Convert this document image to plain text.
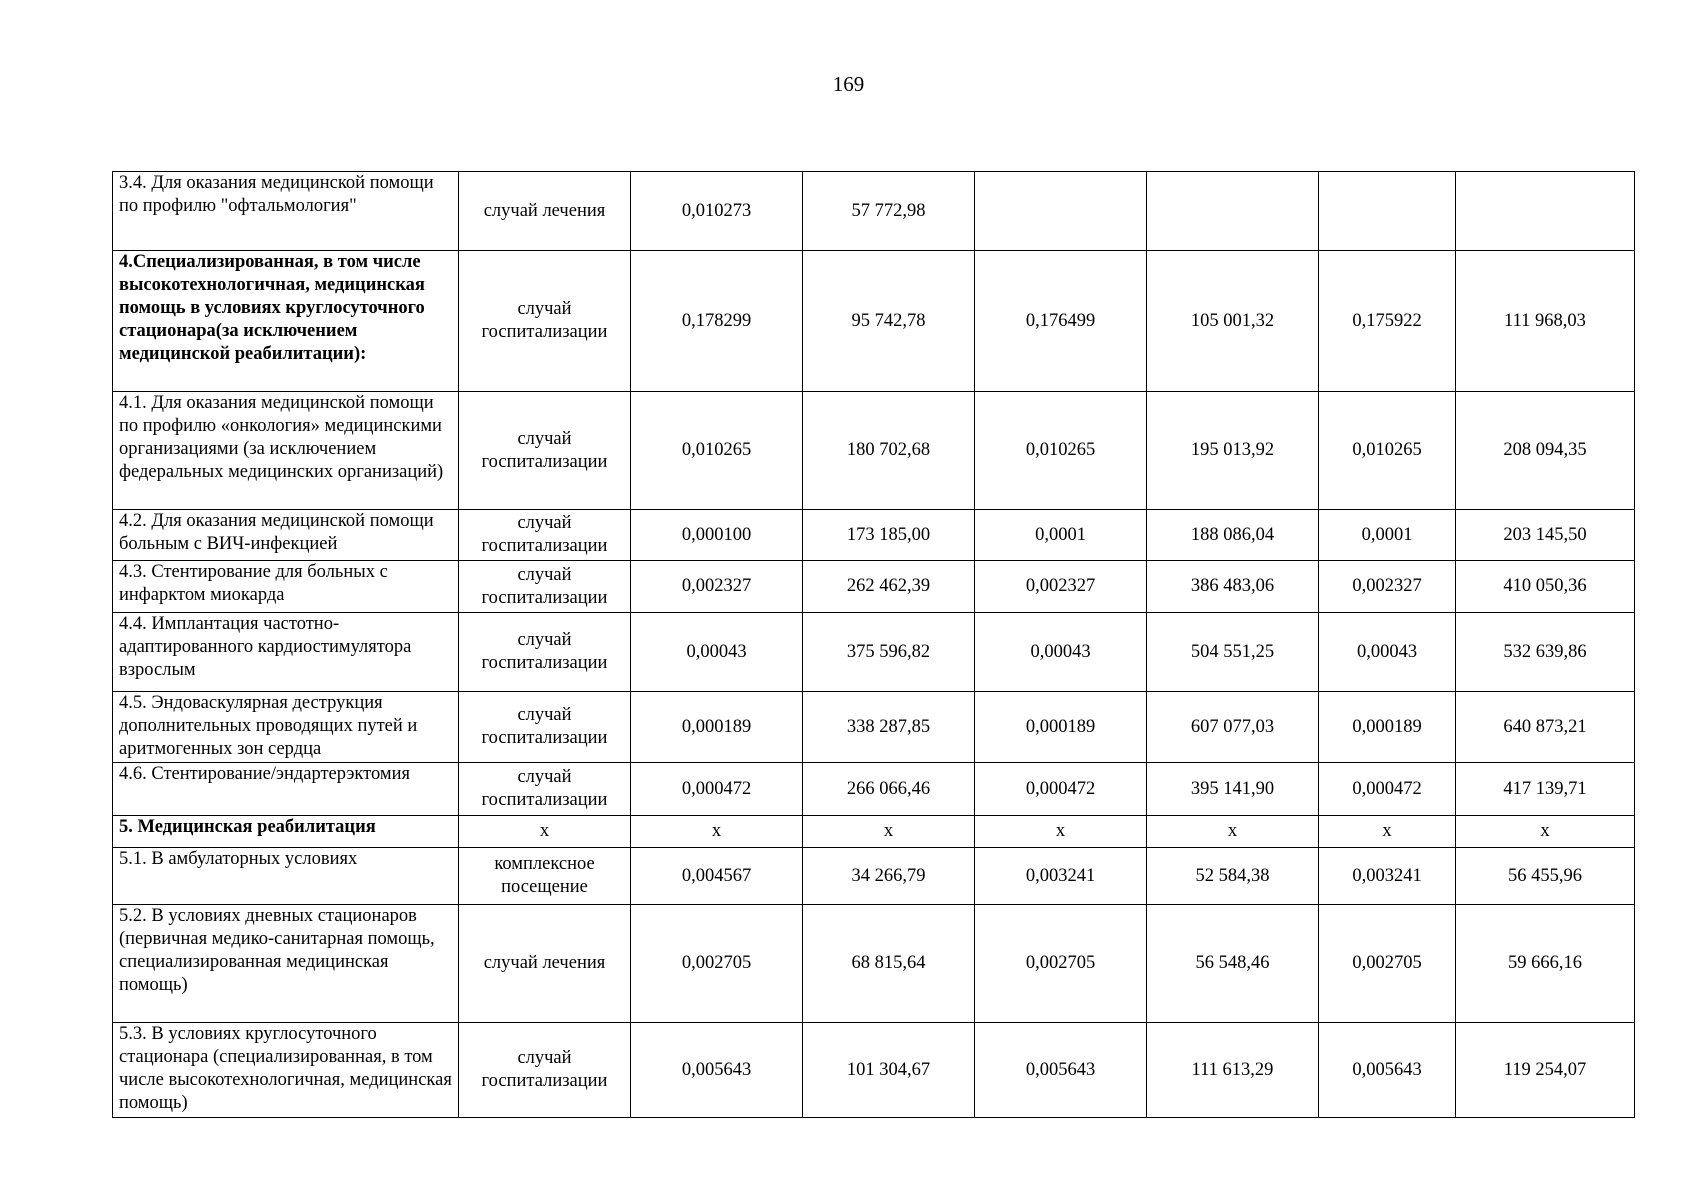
169
3.4. Для оказания медицинской помощи по профилю "офтальмология"	случай лечения	0,010273	57 772,98				
4.Специализированная, в том числе высокотехнологичная, медицинская помощь в условиях круглосуточного стационара(за исключением медицинской реабилитации):	случай госпитализации	0,178299	95 742,78	0,176499	105 001,32	0,175922	111 968,03
4.1. Для оказания медицинской помощи по профилю «онкология» медицинскими организациями (за исключением федеральных медицинских организаций)	случай госпитализации	0,010265	180 702,68	0,010265	195 013,92	0,010265	208 094,35
4.2. Для оказания медицинской помощи больным с ВИЧ-инфекцией	случай госпитализации	0,000100	173 185,00	0,0001	188 086,04	0,0001	203 145,50
4.3. Стентирование для больных с инфарктом миокарда	случай госпитализации	0,002327	262 462,39	0,002327	386 483,06	0,002327	410 050,36
4.4. Имплантация частотно-адаптированного кардиостимулятора взрослым	случай госпитализации	0,00043	375 596,82	0,00043	504 551,25	0,00043	532 639,86
4.5. Эндоваскулярная деструкция дополнительных проводящих путей и аритмогенных зон сердца	случай госпитализации	0,000189	338 287,85	0,000189	607 077,03	0,000189	640 873,21
4.6. Стентирование/эндартерэктомия	случай госпитализации	0,000472	266 066,46	0,000472	395 141,90	0,000472	417 139,71
5. Медицинская реабилитация	х	х	х	х	х	х	х
5.1. В амбулаторных условиях	комплексное посещение	0,004567	34 266,79	0,003241	52 584,38	0,003241	56 455,96
5.2. В условиях дневных стационаров (первичная медико-санитарная помощь, специализированная медицинская помощь)	случай лечения	0,002705	68 815,64	0,002705	56 548,46	0,002705	59 666,16
5.3. В условиях круглосуточного стационара (специализированная, в том числе высокотехнологичная, медицинская помощь)	случай госпитализации	0,005643	101 304,67	0,005643	111 613,29	0,005643	119 254,07
